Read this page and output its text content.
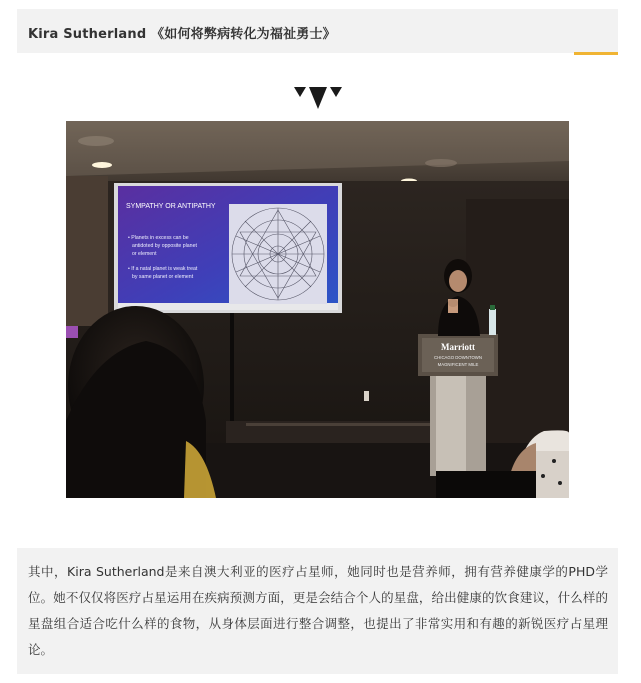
Kira Sutherland 《如何将弊病转化为福祉勇士》
SYMPATHY OR ANTIPATHY
• Planets in excess can be antidoted by opposite planet or element
• If a natal planet is weak treat by same planet or element
Marriott
CHICAGO DOWNTOWN
MAGNIFICENT MILE

其中，Kira Sutherland是来自澳大利亚的医疗占星师，她同时也是营养师，拥有营养健康学的PHD学位。她不仅仅将医疗占星运用在疾病预测方面，更是会结合个人的星盘，给出健康的饮食建议，什么样的星盘组合适合吃什么样的食物，从身体层面进行整合调整，也提出了非常实用和有趣的新锐医疗占星理论。
